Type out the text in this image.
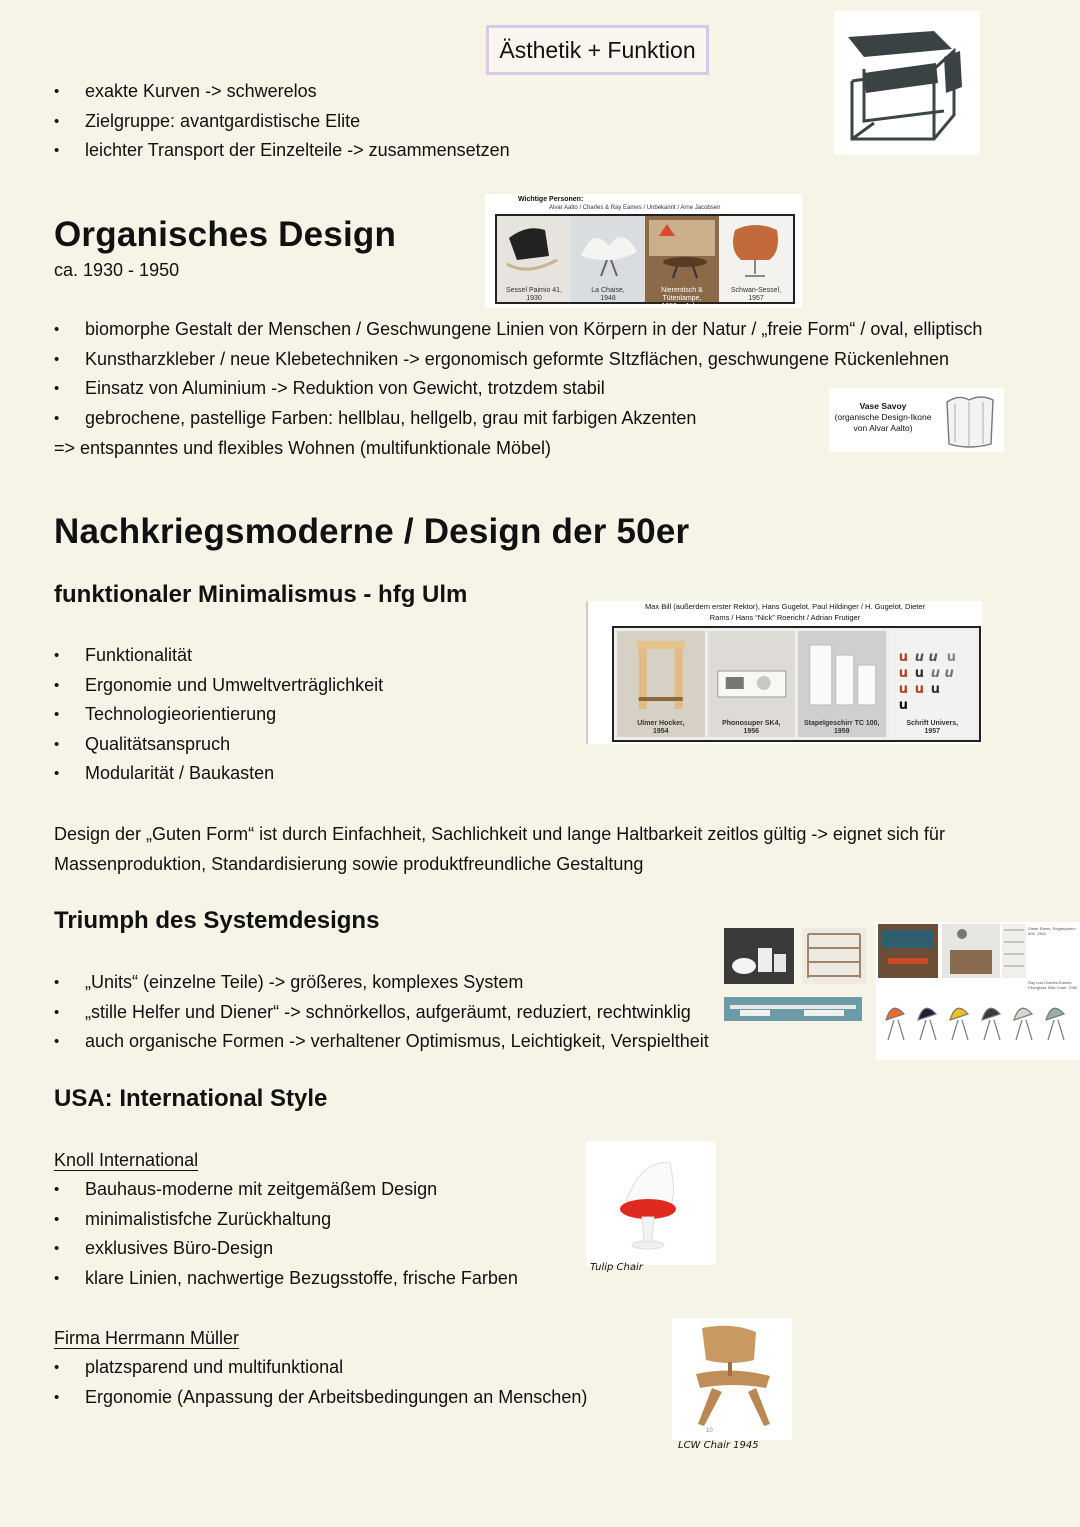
Ästhetik + Funktion
• exakte Kurven -> schwerelos
• Zielgruppe: avantgardistische Elite
• leichter Transport der Einzelteile -> zusammensetzen
Organisches Design
ca. 1930 - 1950
Wichtige Personen:
Alvar Aalto / Charles & Ray Eames / Unbekannt / Arne Jacobsen
Sessel Paimio 41,
1930
La Chaise,
1948
Nierentisch & Tütenlampe,
1950er Jahre
Schwan-Sessel,
1957
• biomorphe Gestalt der Menschen / Geschwungene Linien von Körpern in der Natur / „freie Form“ / oval, elliptisch
• Kunstharzkleber / neue Klebetechniken -> ergonomisch geformte SItzflächen, geschwungene Rückenlehnen
• Einsatz von Aluminium -> Reduktion von Gewicht, trotzdem stabil
• gebrochene, pastellige Farben: hellblau, hellgelb, grau mit farbigen Akzenten
=> entspanntes und flexibles Wohnen (multifunktionale Möbel)
Vase Savoy
(organische Design-Ikone
von Alvar Aalto)
Nachkriegsmoderne / Design der 50er
funktionaler Minimalismus - hfg Ulm	Max Bill (außerdem erster Rektor), Hans Gugelot, Paul Hildinger / H. Gugelot, Dieter
Rams / Hans “Nick” Roericht / Adrian Frutiger
Ulmer Hocker,
1954
Phonosuper SK4,
1956
Stapelgeschirr TC 100,
1959
u u u u
u u u u
u u u
u
Schrift Univers,
1957
• Funktionalität
• Ergonomie und Umweltverträglichkeit
• Technologieorientierung
• Qualitätsanspruch
• Modularität / Baukasten
Design der „Guten Form“ ist durch Einfachheit, Sachlichkeit und lange Haltbarkeit zeitlos gültig -> eignet sich für
Massenproduktion, Standardisierung sowie produktfreundliche Gestaltung
Triumph des Systemdesigns
• „Units“ (einzelne Teile) -> größeres, komplexes System
• „stille Helfer und Diener“ -> schnörkellos, aufgeräumt, reduziert, rechtwinklig
• auch organische Formen -> verhaltener Optimismus, Leichtigkeit, Verspieltheit
Dieter Rams, Regalsystem 606, 1960
Ray und Charles Eames, Fiberglass Side Chair, 1950
USA: International Style
Knoll International
• Bauhaus-moderne mit zeitgemäßem Design
• minimalistisfche Zurückhaltung
• exklusives Büro-Design
• klare Linien, nachwertige Bezugsstoffe, frische Farben
Tulip Chair
Firma Herrmann Müller
• platzsparend und multifunktional
• Ergonomie (Anpassung der Arbeitsbedingungen an Menschen)
10
LCW Chair 1945
